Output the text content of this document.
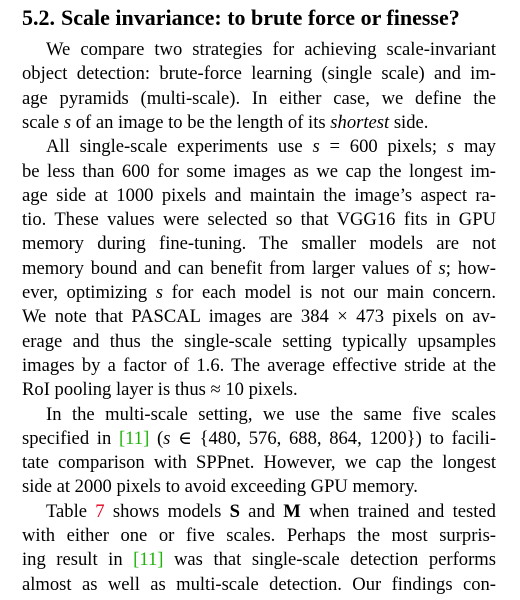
5.2. Scale invariance: to brute force or finesse?
We compare two strategies for achieving scale-invariant
object detection: brute-force learning (single scale) and im-
age pyramids (multi-scale). In either case, we define the
scale s of an image to be the length of its shortest side.
All single-scale experiments use s = 600 pixels; s may
be less than 600 for some images as we cap the longest im-
age side at 1000 pixels and maintain the image’s aspect ra-
tio. These values were selected so that VGG16 fits in GPU
memory during fine-tuning. The smaller models are not
memory bound and can benefit from larger values of s; how-
ever, optimizing s for each model is not our main concern.
We note that PASCAL images are 384 × 473 pixels on av-
erage and thus the single-scale setting typically upsamples
images by a factor of 1.6. The average effective stride at the
RoI pooling layer is thus ≈ 10 pixels.
In the multi-scale setting, we use the same five scales
specified in [11] (s ∈ {480, 576, 688, 864, 1200}) to facili-
tate comparison with SPPnet. However, we cap the longest
side at 2000 pixels to avoid exceeding GPU memory.
Table 7 shows models S and M when trained and tested
with either one or five scales. Perhaps the most surpris-
ing result in [11] was that single-scale detection performs
almost as well as multi-scale detection. Our findings con-
